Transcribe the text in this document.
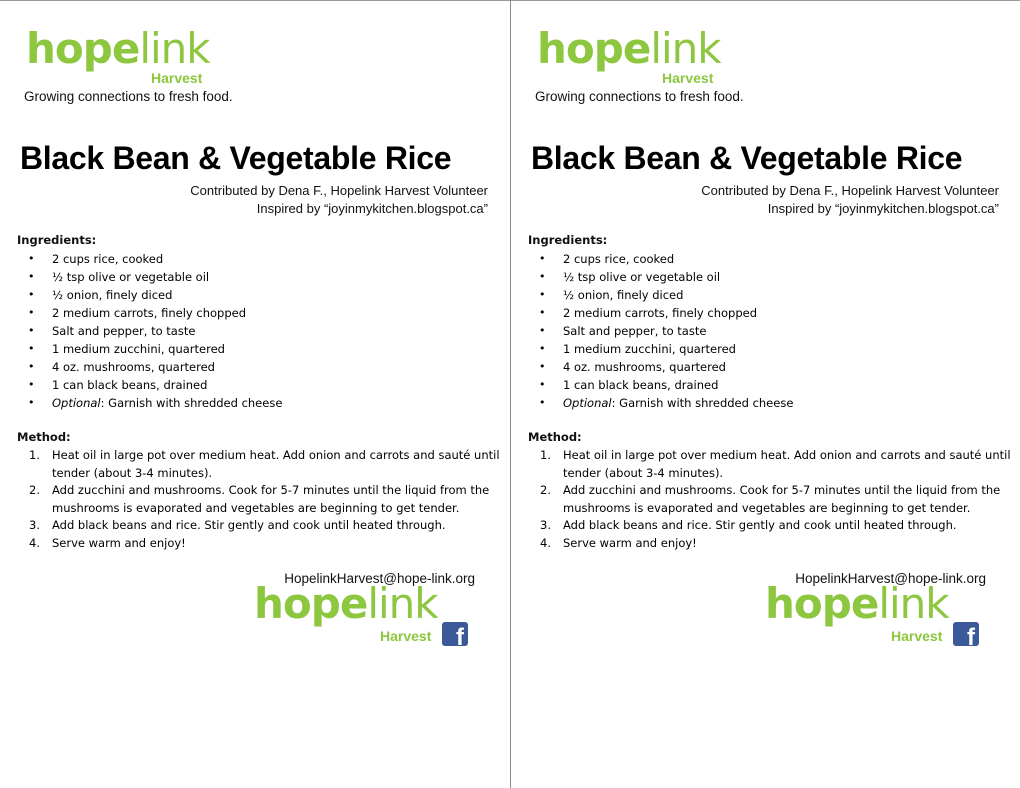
hopelink
Harvest
Growing connections to fresh food.
Black Bean & Vegetable Rice
Contributed by Dena F., Hopelink Harvest Volunteer
Inspired by “joyinmykitchen.blogspot.ca”
Ingredients:
• 2 cups rice, cooked
• ½ tsp olive or vegetable oil
• ½ onion, finely diced
• 2 medium carrots, finely chopped
• Salt and pepper, to taste
• 1 medium zucchini, quartered
• 4 oz. mushrooms, quartered
• 1 can black beans, drained
• Optional: Garnish with shredded cheese
Method:
1. Heat oil in large pot over medium heat. Add onion and carrots and sauté until tender (about 3-4 minutes).
2. Add zucchini and mushrooms. Cook for 5-7 minutes until the liquid from the mushrooms is evaporated and vegetables are beginning to get tender.
3. Add black beans and rice. Stir gently and cook until heated through.
4. Serve warm and enjoy!
HopelinkHarvest@hope-link.org
hopelink
Harvest f
hopelink
Harvest
Growing connections to fresh food.
Black Bean & Vegetable Rice
Contributed by Dena F., Hopelink Harvest Volunteer
Inspired by “joyinmykitchen.blogspot.ca”
Ingredients:
• 2 cups rice, cooked
• ½ tsp olive or vegetable oil
• ½ onion, finely diced
• 2 medium carrots, finely chopped
• Salt and pepper, to taste
• 1 medium zucchini, quartered
• 4 oz. mushrooms, quartered
• 1 can black beans, drained
• Optional: Garnish with shredded cheese
Method:
1. Heat oil in large pot over medium heat. Add onion and carrots and sauté until tender (about 3-4 minutes).
2. Add zucchini and mushrooms. Cook for 5-7 minutes until the liquid from the mushrooms is evaporated and vegetables are beginning to get tender.
3. Add black beans and rice. Stir gently and cook until heated through.
4. Serve warm and enjoy!
HopelinkHarvest@hope-link.org
hopelink
Harvest f
